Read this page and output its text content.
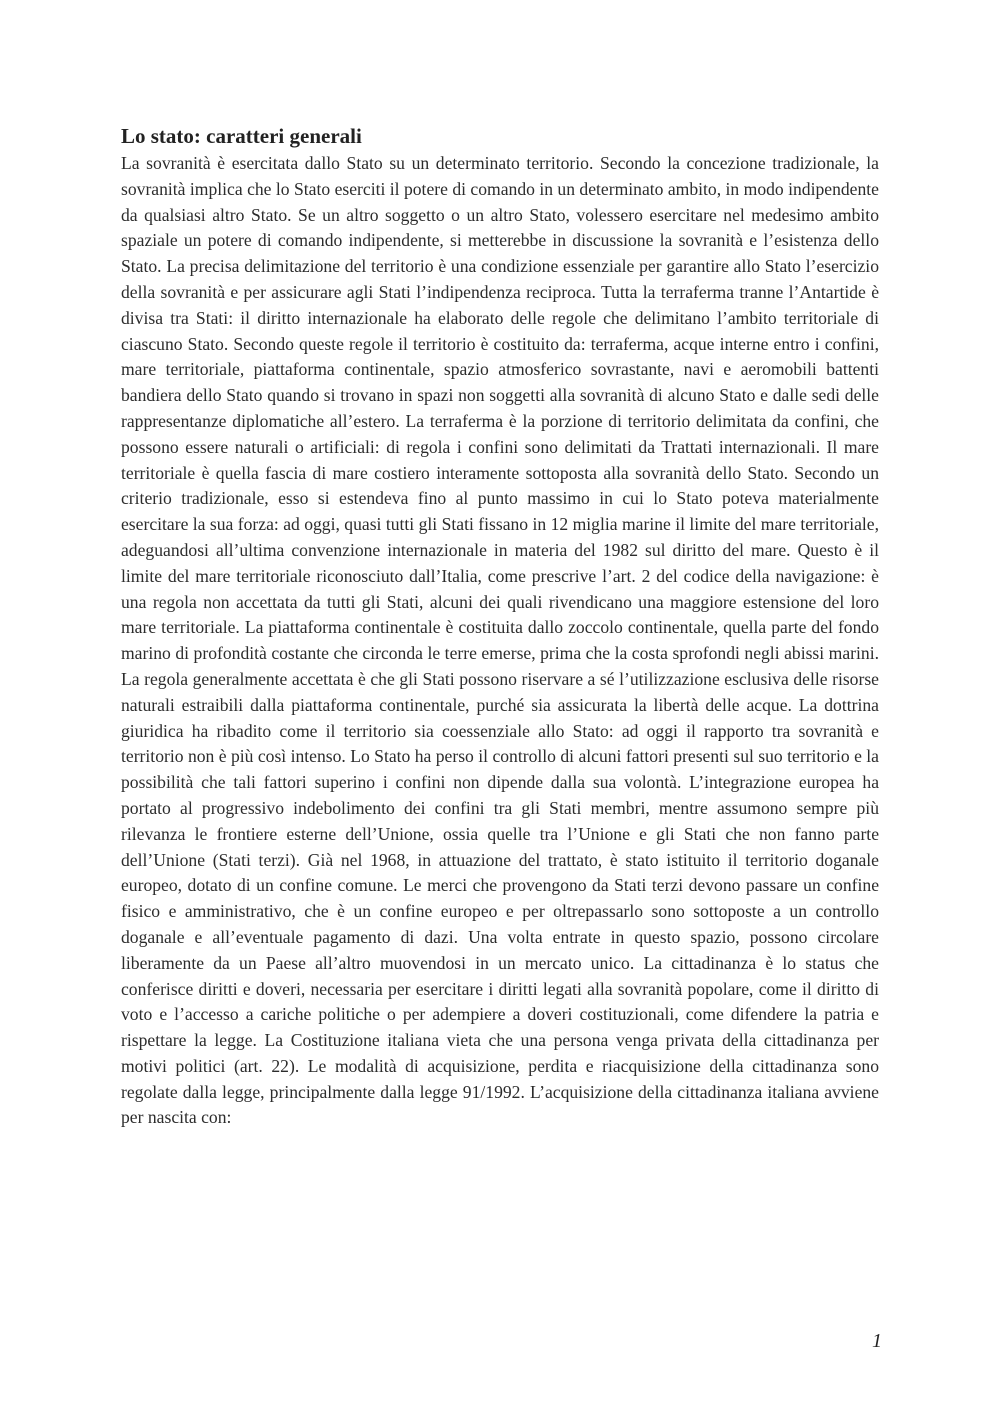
Lo stato: caratteri generali

La sovranità è esercitata dallo Stato su un determinato territorio. Secondo la concezione tradizionale, la sovranità implica che lo Stato eserciti il potere di comando in un determinato ambito, in modo indipendente da qualsiasi altro Stato. Se un altro soggetto o un altro Stato, volessero esercitare nel medesimo ambito spaziale un potere di comando indipendente, si metterebbe in discussione la sovranità e l’esistenza dello Stato. La precisa delimitazione del territorio è una condizione essenziale per garantire allo Stato l’esercizio della sovranità e per assicurare agli Stati l’indipendenza reciproca. Tutta la terraferma tranne l’Antartide è divisa tra Stati: il diritto internazionale ha elaborato delle regole che delimitano l’ambito territoriale di ciascuno Stato. Secondo queste regole il territorio è costituito da: terraferma, acque interne entro i confini, mare territoriale, piattaforma continentale, spazio atmosferico sovrastante, navi e aeromobili battenti bandiera dello Stato quando si trovano in spazi non soggetti alla sovranità di alcuno Stato e dalle sedi delle rappresentanze diplomatiche all’estero. La terraferma è la porzione di territorio delimitata da confini, che possono essere naturali o artificiali: di regola i confini sono delimitati da Trattati internazionali. Il mare territoriale è quella fascia di mare costiero interamente sottoposta alla sovranità dello Stato. Secondo un criterio tradizionale, esso si estendeva fino al punto massimo in cui lo Stato poteva materialmente esercitare la sua forza: ad oggi, quasi tutti gli Stati fissano in 12 miglia marine il limite del mare territoriale, adeguandosi all’ultima convenzione internazionale in materia del 1982 sul diritto del mare. Questo è il limite del mare territoriale riconosciuto dall’Italia, come prescrive l’art. 2 del codice della navigazione: è una regola non accettata da tutti gli Stati, alcuni dei quali rivendicano una maggiore estensione del loro mare territoriale. La piattaforma continentale è costituita dallo zoccolo continentale, quella parte del fondo marino di profondità costante che circonda le terre emerse, prima che la costa sprofondi negli abissi marini. La regola generalmente accettata è che gli Stati possono riservare a sé l’utilizzazione esclusiva delle risorse naturali estraibili dalla piattaforma continentale, purché sia assicurata la libertà delle acque. La dottrina giuridica ha ribadito come il territorio sia coessenziale allo Stato: ad oggi il rapporto tra sovranità e territorio non è più così intenso. Lo Stato ha perso il controllo di alcuni fattori presenti sul suo territorio e la possibilità che tali fattori superino i confini non dipende dalla sua volontà. L’integrazione europea ha portato al progressivo indebolimento dei confini tra gli Stati membri, mentre assumono sempre più rilevanza le frontiere esterne dell’Unione, ossia quelle tra l’Unione e gli Stati che non fanno parte dell’Unione (Stati terzi). Già nel 1968, in attuazione del trattato, è stato istituito il territorio doganale europeo, dotato di un confine comune. Le merci che provengono da Stati terzi devono passare un confine fisico e amministrativo, che è un confine europeo e per oltrepassarlo sono sottoposte a un controllo doganale e all’eventuale pagamento di dazi. Una volta entrate in questo spazio, possono circolare liberamente da un Paese all’altro muovendosi in un mercato unico. La cittadinanza è lo status che conferisce diritti e doveri, necessaria per esercitare i diritti legati alla sovranità popolare, come il diritto di voto e l’accesso a cariche politiche o per adempiere a doveri costituzionali, come difendere la patria e rispettare la legge. La Costituzione italiana vieta che una persona venga privata della cittadinanza per motivi politici (art. 22). Le modalità di acquisizione, perdita e riacquisizione della cittadinanza sono regolate dalla legge, principalmente dalla legge 91/1992. L’acquisizione della cittadinanza italiana avviene per nascita con:

1
